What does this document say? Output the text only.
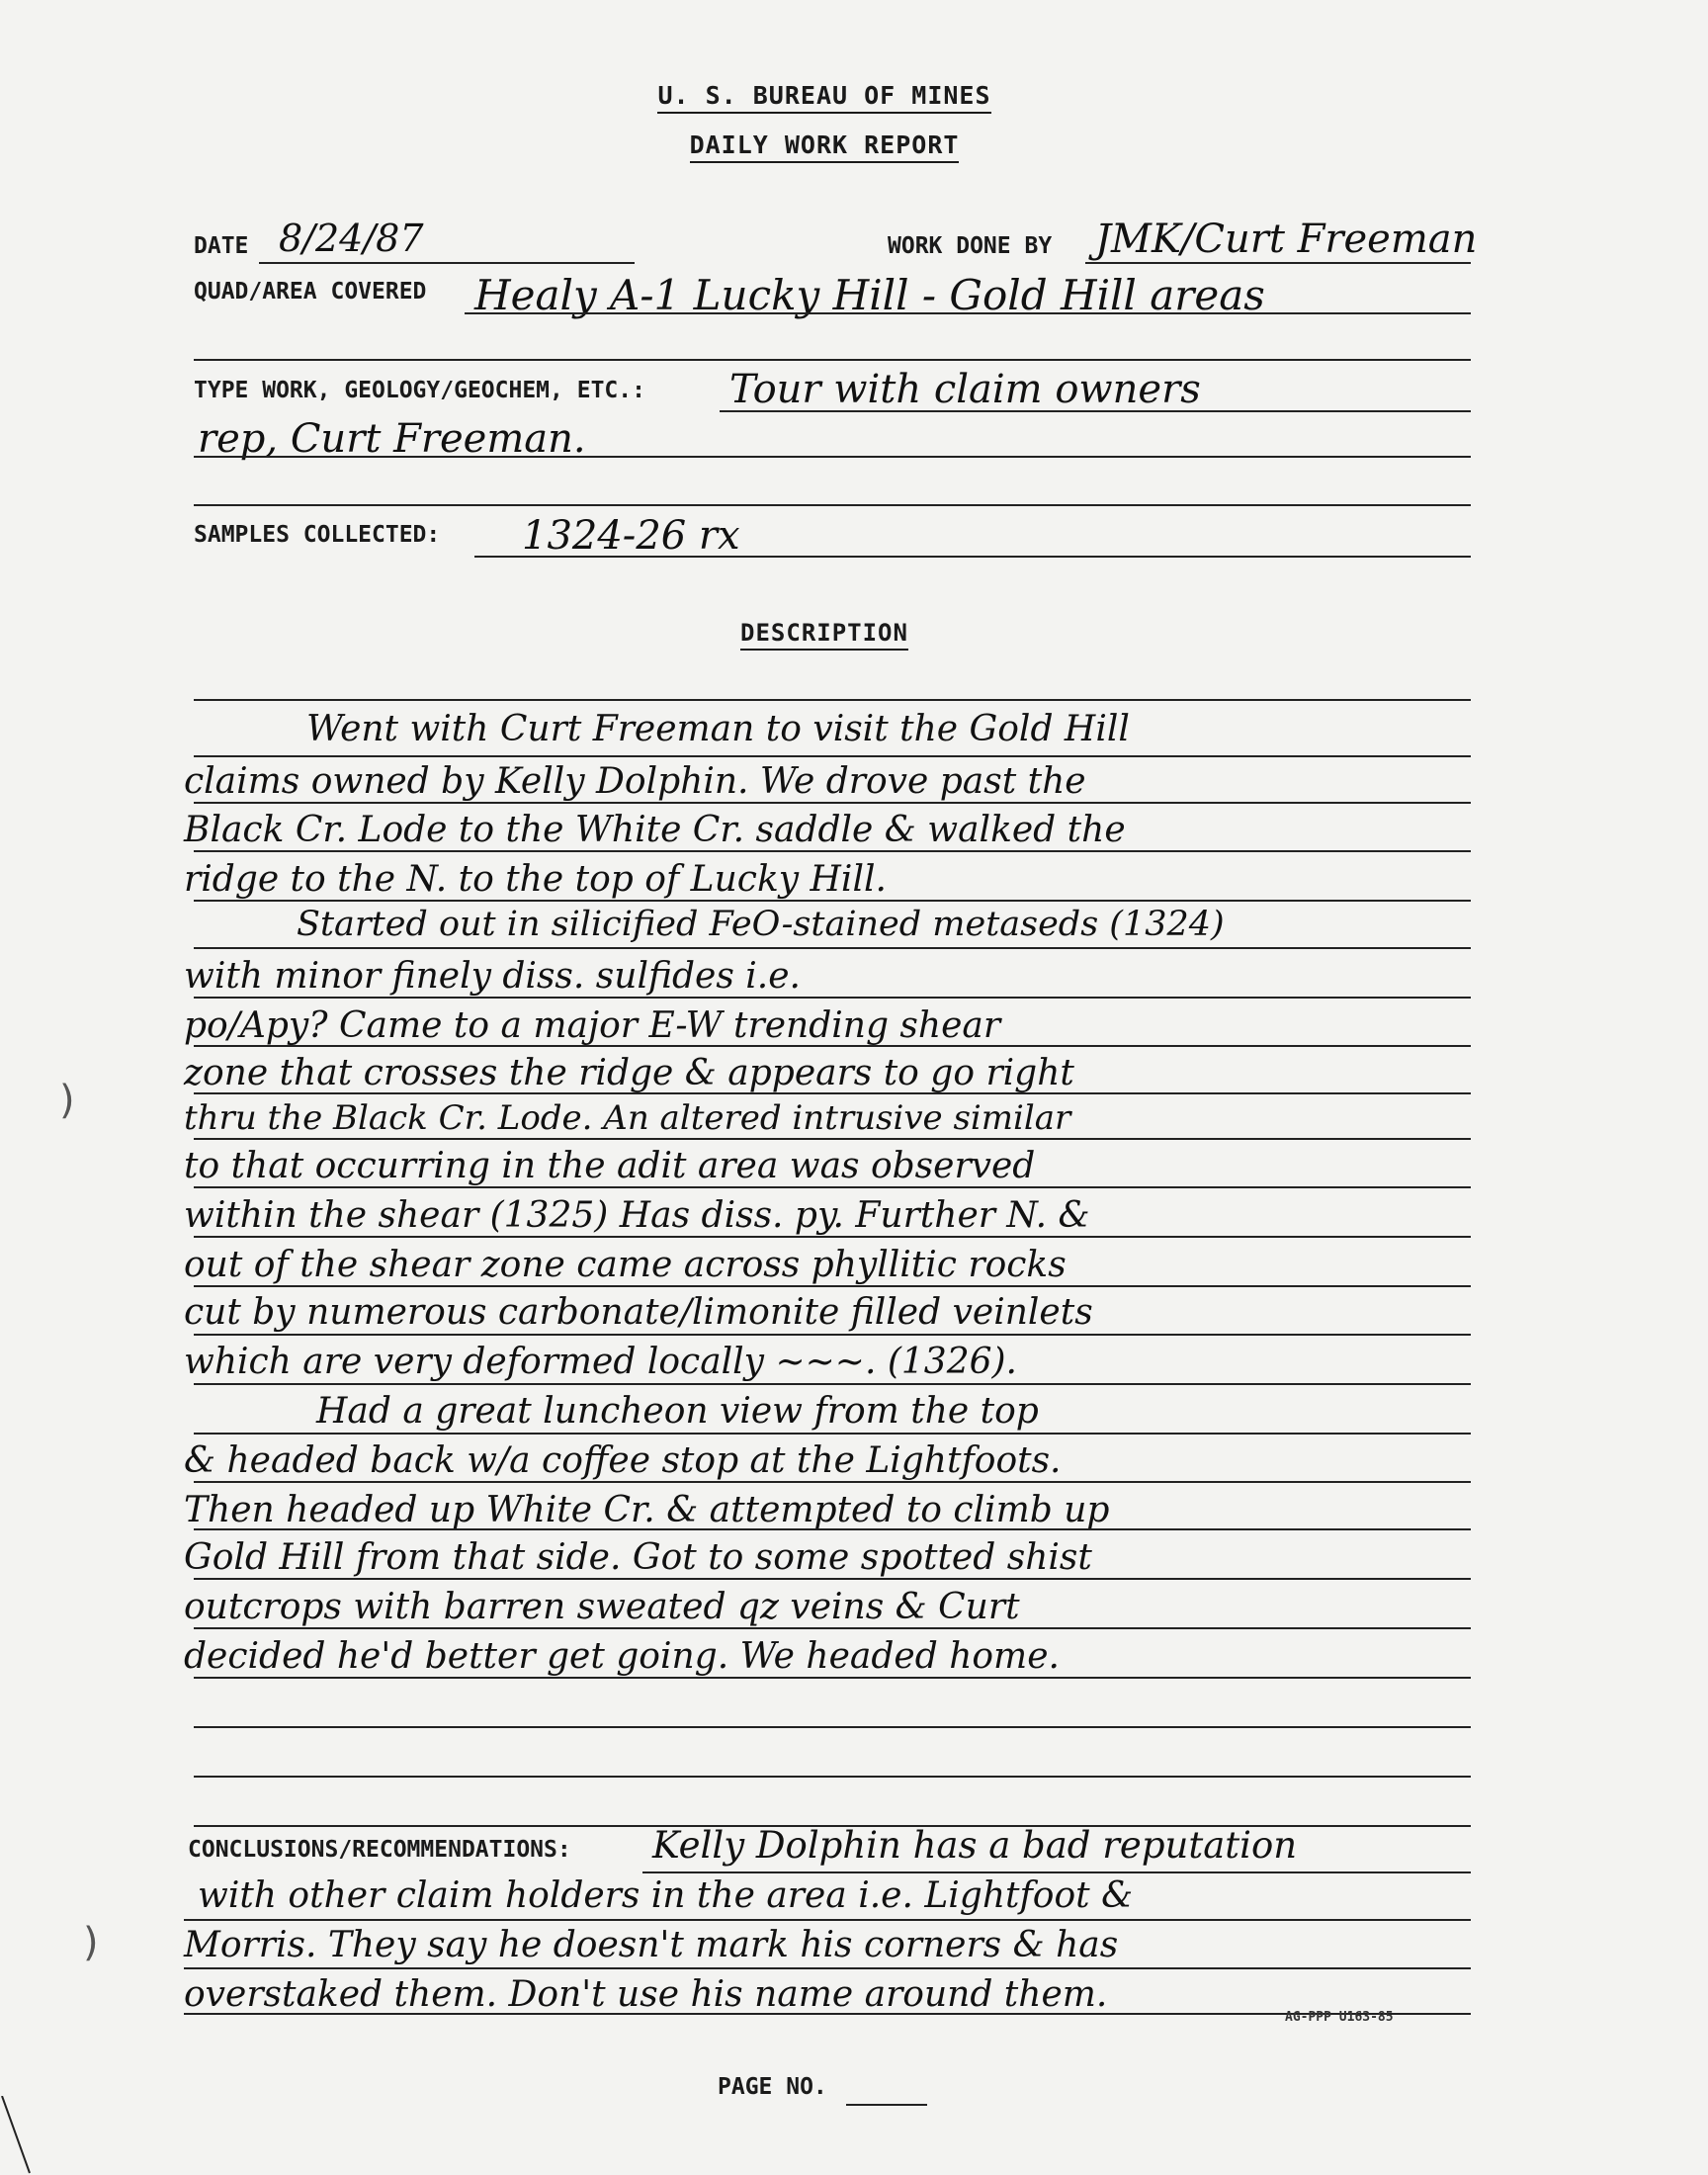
U. S. BUREAU OF MINES
DAILY WORK REPORT
DATE 8/24/87	WORK DONE BY JMK/Curt Freeman
QUAD/AREA COVERED Healy A-1 Lucky Hill - Gold Hill areas
TYPE WORK, GEOLOGY/GEOCHEM, ETC.: Tour with claim owners
rep, Curt Freeman.
SAMPLES COLLECTED: 1324-26 rx
DESCRIPTION
Went with Curt Freeman to visit the Gold Hill
claims owned by Kelly Dolphin. We drove past the
Black Cr. Lode to the White Cr. saddle & walked the
ridge to the N. to the top of Lucky Hill.
Started out in silicified FeO-stained metaseds (1324)
with minor finely diss. sulfides i.e.
po/Apy? Came to a major E-W trending shear
zone that crosses the ridge & appears to go right
thru the Black Cr. Lode. An altered intrusive similar
to that occurring in the adit area was observed
within the shear (1325) Has diss. py. Further N. &
out of the shear zone came across phyllitic rocks
cut by numerous carbonate/limonite filled veinlets
which are very deformed locally ~~~. (1326).
Had a great luncheon view from the top
& headed back w/a coffee stop at the Lightfoots.
Then headed up White Cr. & attempted to climb up
Gold Hill from that side. Got to some spotted shist
outcrops with barren sweated qz veins & Curt
decided he'd better get going. We headed home.
CONCLUSIONS/RECOMMENDATIONS: Kelly Dolphin has a bad reputation
with other claim holders in the area i.e. Lightfoot &
Morris. They say he doesn't mark his corners & has
overstaked them. Don't use his name around them.
AG-PPP U163-85
PAGE NO.
)
)
